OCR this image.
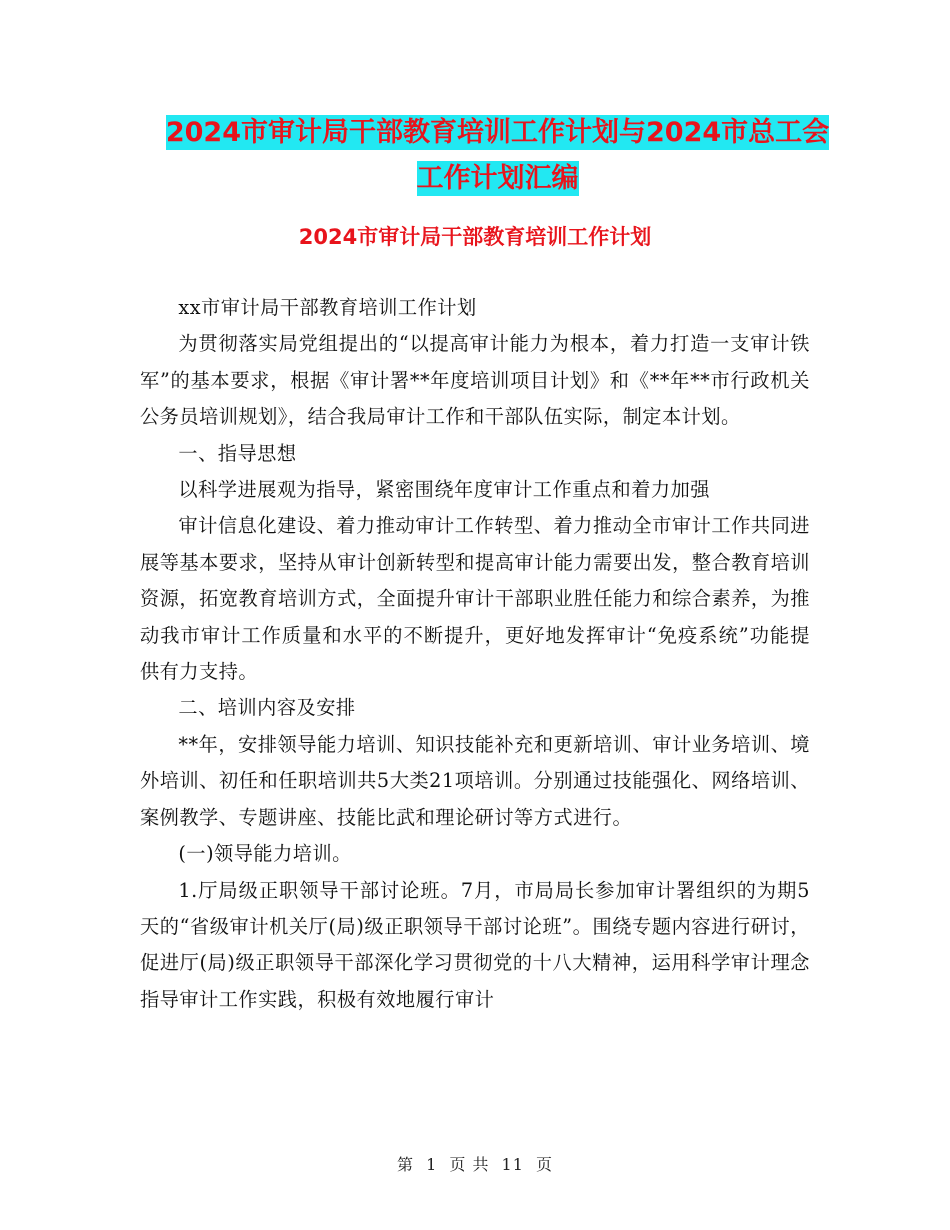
2024市审计局干部教育培训工作计划与2024市总工会
工作计划汇编
2024市审计局干部教育培训工作计划

xx市审计局干部教育培训工作计划

为贯彻落实局党组提出的“以提高审计能力为根本，着力打造一支审计铁军”的基本要求，根据《审计署**年度培训项目计划》和《**年**市行政机关公务员培训规划》，结合我局审计工作和干部队伍实际，制定本计划。

一、指导思想

以科学进展观为指导，紧密围绕年度审计工作重点和着力加强

审计信息化建设、着力推动审计工作转型、着力推动全市审计工作共同进展等基本要求，坚持从审计创新转型和提高审计能力需要出发，整合教育培训资源，拓宽教育培训方式，全面提升审计干部职业胜任能力和综合素养，为推动我市审计工作质量和水平的不断提升，更好地发挥审计“免疫系统”功能提供有力支持。

二、培训内容及安排

**年，安排领导能力培训、知识技能补充和更新培训、审计业务培训、境外培训、初任和任职培训共5大类21项培训。分别通过技能强化、网络培训、案例教学、专题讲座、技能比武和理论研讨等方式进行。

(一)领导能力培训。

1.厅局级正职领导干部讨论班。7月，市局局长参加审计署组织的为期5天的“省级审计机关厅(局)级正职领导干部讨论班”。围绕专题内容进行研讨，促进厅(局)级正职领导干部深化学习贯彻党的十八大精神，运用科学审计理念指导审计工作实践，积极有效地履行审计

第 1 页 共 11 页
